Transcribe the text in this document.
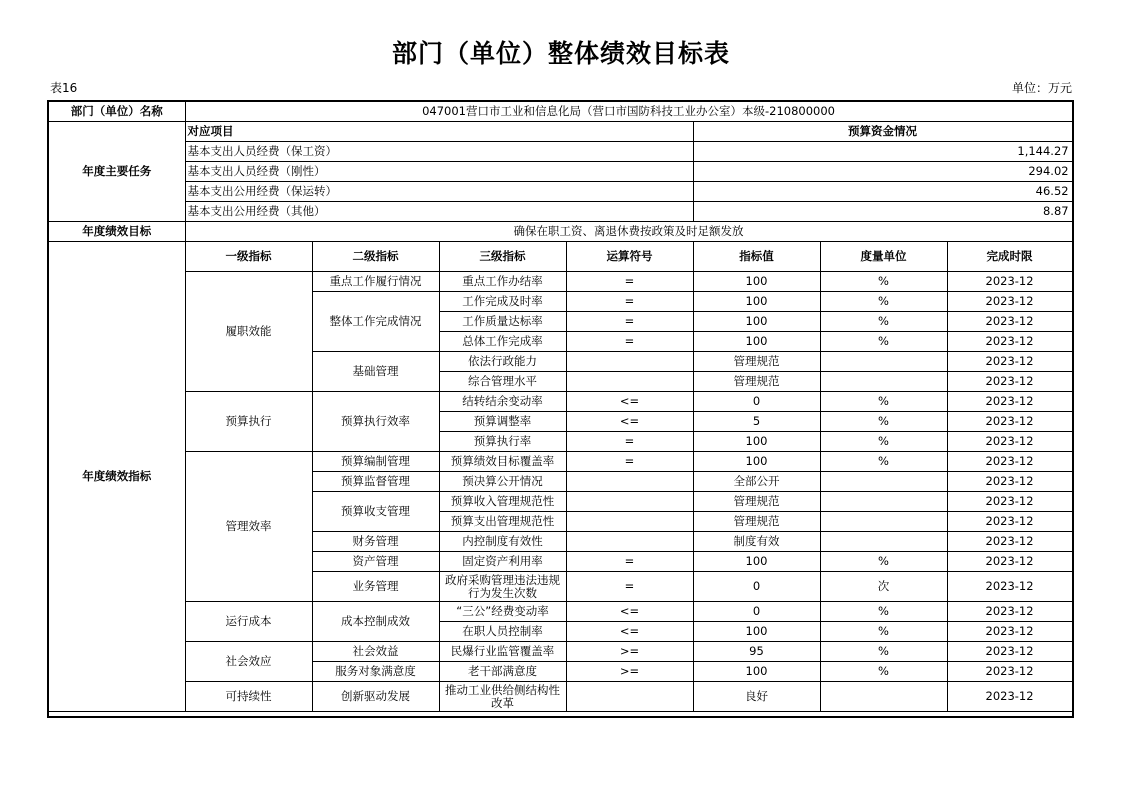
部门（单位）整体绩效目标表
表16	单位：万元
部门（单位）名称	047001营口市工业和信息化局（营口市国防科技工业办公室）本级-210800000						
年度主要任务	对应项目				预算资金情况		
	基本支出人员经费（保工资）				1,144.27		
	基本支出人员经费（刚性）				294.02		
	基本支出公用经费（保运转）				46.52		
	基本支出公用经费（其他）				8.87		
年度绩效目标	确保在职工资、离退休费按政策及时足额发放						
年度绩效指标	一级指标	二级指标	三级指标	运算符号	指标值	度量单位	完成时限
	履职效能	重点工作履行情况	重点工作办结率	=	100	%	2023-12
		整体工作完成情况	工作完成及时率	=	100	%	2023-12
			工作质量达标率	=	100	%	2023-12
			总体工作完成率	=	100	%	2023-12
		基础管理	依法行政能力		管理规范		2023-12
			综合管理水平		管理规范		2023-12
	预算执行	预算执行效率	结转结余变动率	<=	0	%	2023-12
			预算调整率	<=	5	%	2023-12
			预算执行率	=	100	%	2023-12
	管理效率	预算编制管理	预算绩效目标覆盖率	=	100	%	2023-12
		预算监督管理	预决算公开情况		全部公开		2023-12
		预算收支管理	预算收入管理规范性		管理规范		2023-12
			预算支出管理规范性		管理规范		2023-12
		财务管理	内控制度有效性		制度有效		2023-12
		资产管理	固定资产利用率	=	100	%	2023-12
		业务管理	政府采购管理违法违规行为发生次数	=	0	次	2023-12
	运行成本	成本控制成效	“三公”经费变动率	<=	0	%	2023-12
			在职人员控制率	<=	100	%	2023-12
	社会效应	社会效益	民爆行业监管覆盖率	>=	95	%	2023-12
		服务对象满意度	老干部满意度	>=	100	%	2023-12
	可持续性	创新驱动发展	推动工业供给侧结构性改革		良好		2023-12
